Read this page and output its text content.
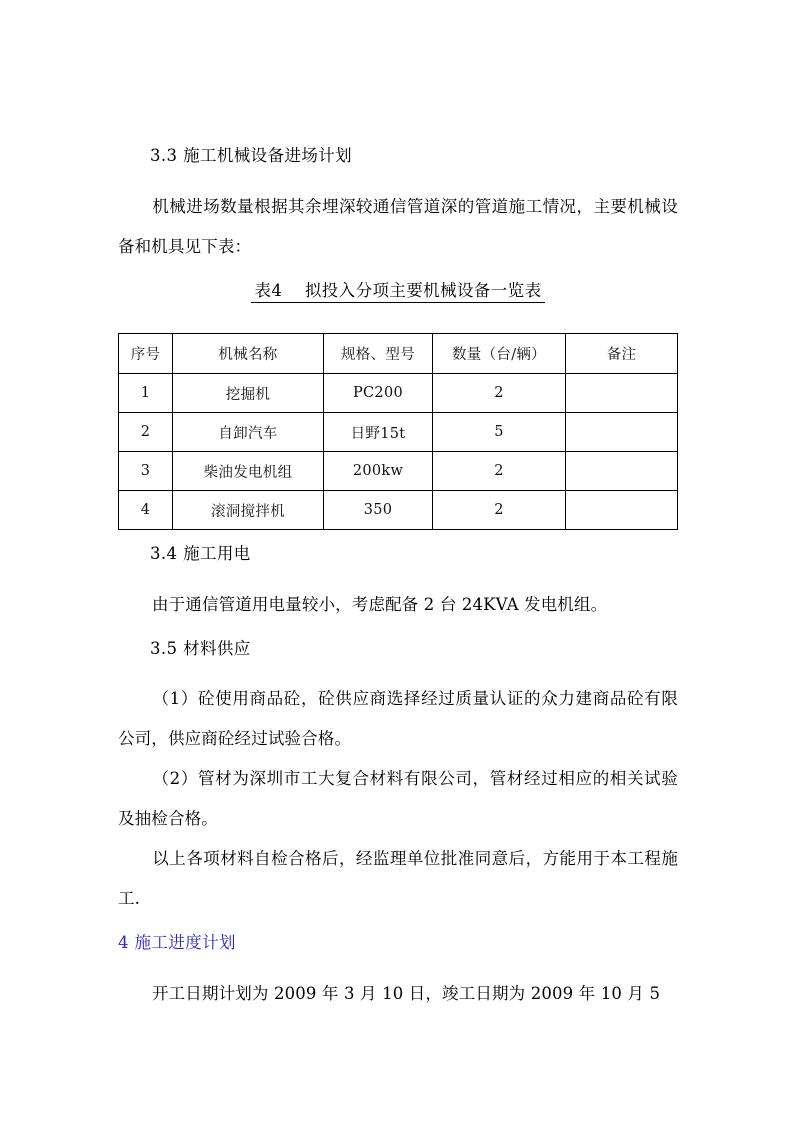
3.3 施工机械设备进场计划

机械进场数量根据其余埋深较通信管道深的管道施工情况，主要机械设备和机具见下表：

表4    拟投入分项主要机械设备一览表
序号	机械名称	规格、型号	数量（台/辆）	备注
1	挖掘机	PC200	2	
2	自卸汽车	日野15t	5	
3	柴油发电机组	200kw	2	
4	滚洞搅拌机	350	2	
3.4 施工用电

由于通信管道用电量较小，考虑配备 2 台 24KVA 发电机组。

3.5 材料供应

（1）砼使用商品砼，砼供应商选择经过质量认证的众力建商品砼有限公司，供应商砼经过试验合格。

（2）管材为深圳市工大复合材料有限公司，管材经过相应的相关试验及抽检合格。

以上各项材料自检合格后，经监理单位批准同意后，方能用于本工程施工.

4 施工进度计划

开工日期计划为 2009 年 3 月 10 日，竣工日期为 2009 年 10 月 5
